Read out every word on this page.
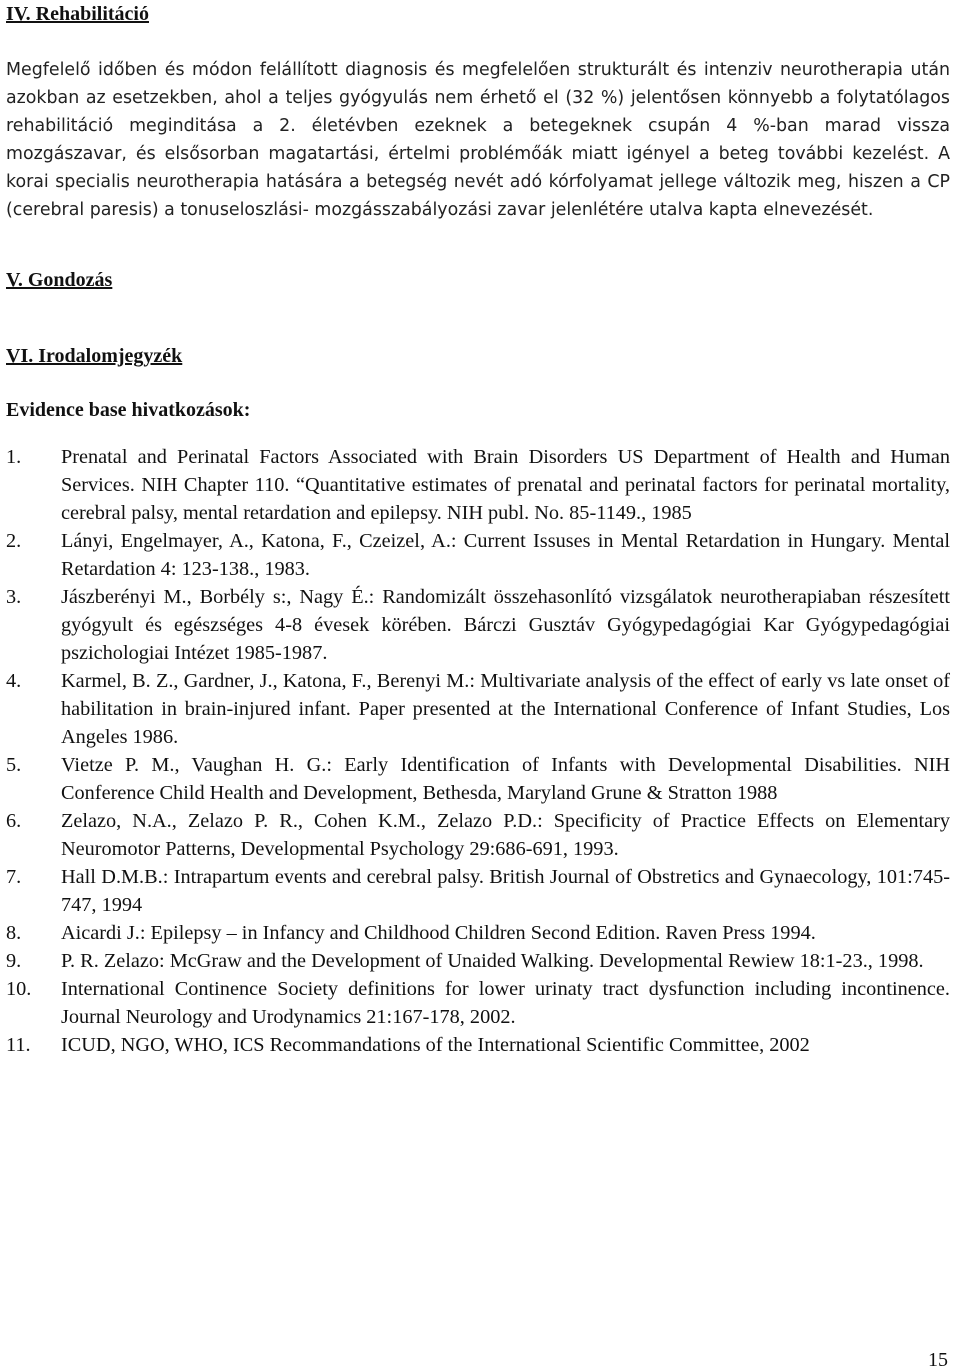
IV. Rehabilitáció

Megfelelő időben és módon felállított diagnosis és megfelelően strukturált és intenziv neurotherapia után azokban az esetzekben, ahol a teljes gyógyulás nem érhető el (32 %) jelentősen könnyebb a folytatólagos rehabilitáció meginditása a 2. életévben ezeknek a betegeknek csupán 4 %-ban marad vissza mozgászavar, és elsősorban magatartási, értelmi problémőák miatt igényel a beteg további kezelést. A korai specialis neurotherapia hatására a betegség nevét adó kórfolyamat jellege változik meg, hiszen a CP (cerebral paresis) a tonuseloszlási- mozgásszabályozási zavar jelenlétére utalva kapta elnevezését.

V. Gondozás
VI. Irodalomjegyzék
Evidence base hivatkozások:
1.	Prenatal and Perinatal Factors Associated with Brain Disorders US Department of Health and Human Services. NIH Chapter 110. “Quantitative estimates of prenatal and perinatal factors for perinatal mortality, cerebral palsy, mental retardation and epilepsy. NIH publ. No. 85-1149., 1985
2.	Lányi, Engelmayer, A., Katona, F., Czeizel, A.: Current Issuses in Mental Retardation in Hungary. Mental Retardation 4: 123-138., 1983.
3.	Jászberényi M., Borbély s:, Nagy É.: Randomizált összehasonlító vizsgálatok neurotherapiaban részesített gyógyult és egészséges 4-8 évesek körében. Bárczi Gusztáv Gyógypedagógiai Kar Gyógypedagógiai pszichologiai Intézet 1985-1987.
4.	Karmel, B. Z., Gardner, J., Katona, F., Berenyi M.: Multivariate analysis of the effect of early vs late onset of habilitation in brain-injured infant. Paper presented at the International Conference of Infant Studies, Los Angeles 1986.
5.	Vietze P. M., Vaughan H. G.: Early Identification of Infants with Developmental Disabilities. NIH Conference Child Health and Development, Bethesda, Maryland Grune & Stratton 1988
6.	Zelazo, N.A., Zelazo P. R., Cohen K.M., Zelazo P.D.: Specificity of Practice Effects on Elementary Neuromotor Patterns, Developmental Psychology 29:686-691, 1993.
7.	Hall D.M.B.: Intrapartum events and cerebral palsy. British Journal of Obstretics and Gynaecology, 101:745-747, 1994
8.	Aicardi J.: Epilepsy – in Infancy and Childhood Children Second Edition. Raven Press 1994.
9.	P. R. Zelazo: McGraw and the Development of Unaided Walking. Developmental Rewiew 18:1-23., 1998.
10.	International Continence Society definitions for lower urinaty tract dysfunction including incontinence. Journal Neurology and Urodynamics 21:167-178, 2002.
11.	ICUD, NGO, WHO, ICS Recommandations of the International Scientific Committee, 2002
15
